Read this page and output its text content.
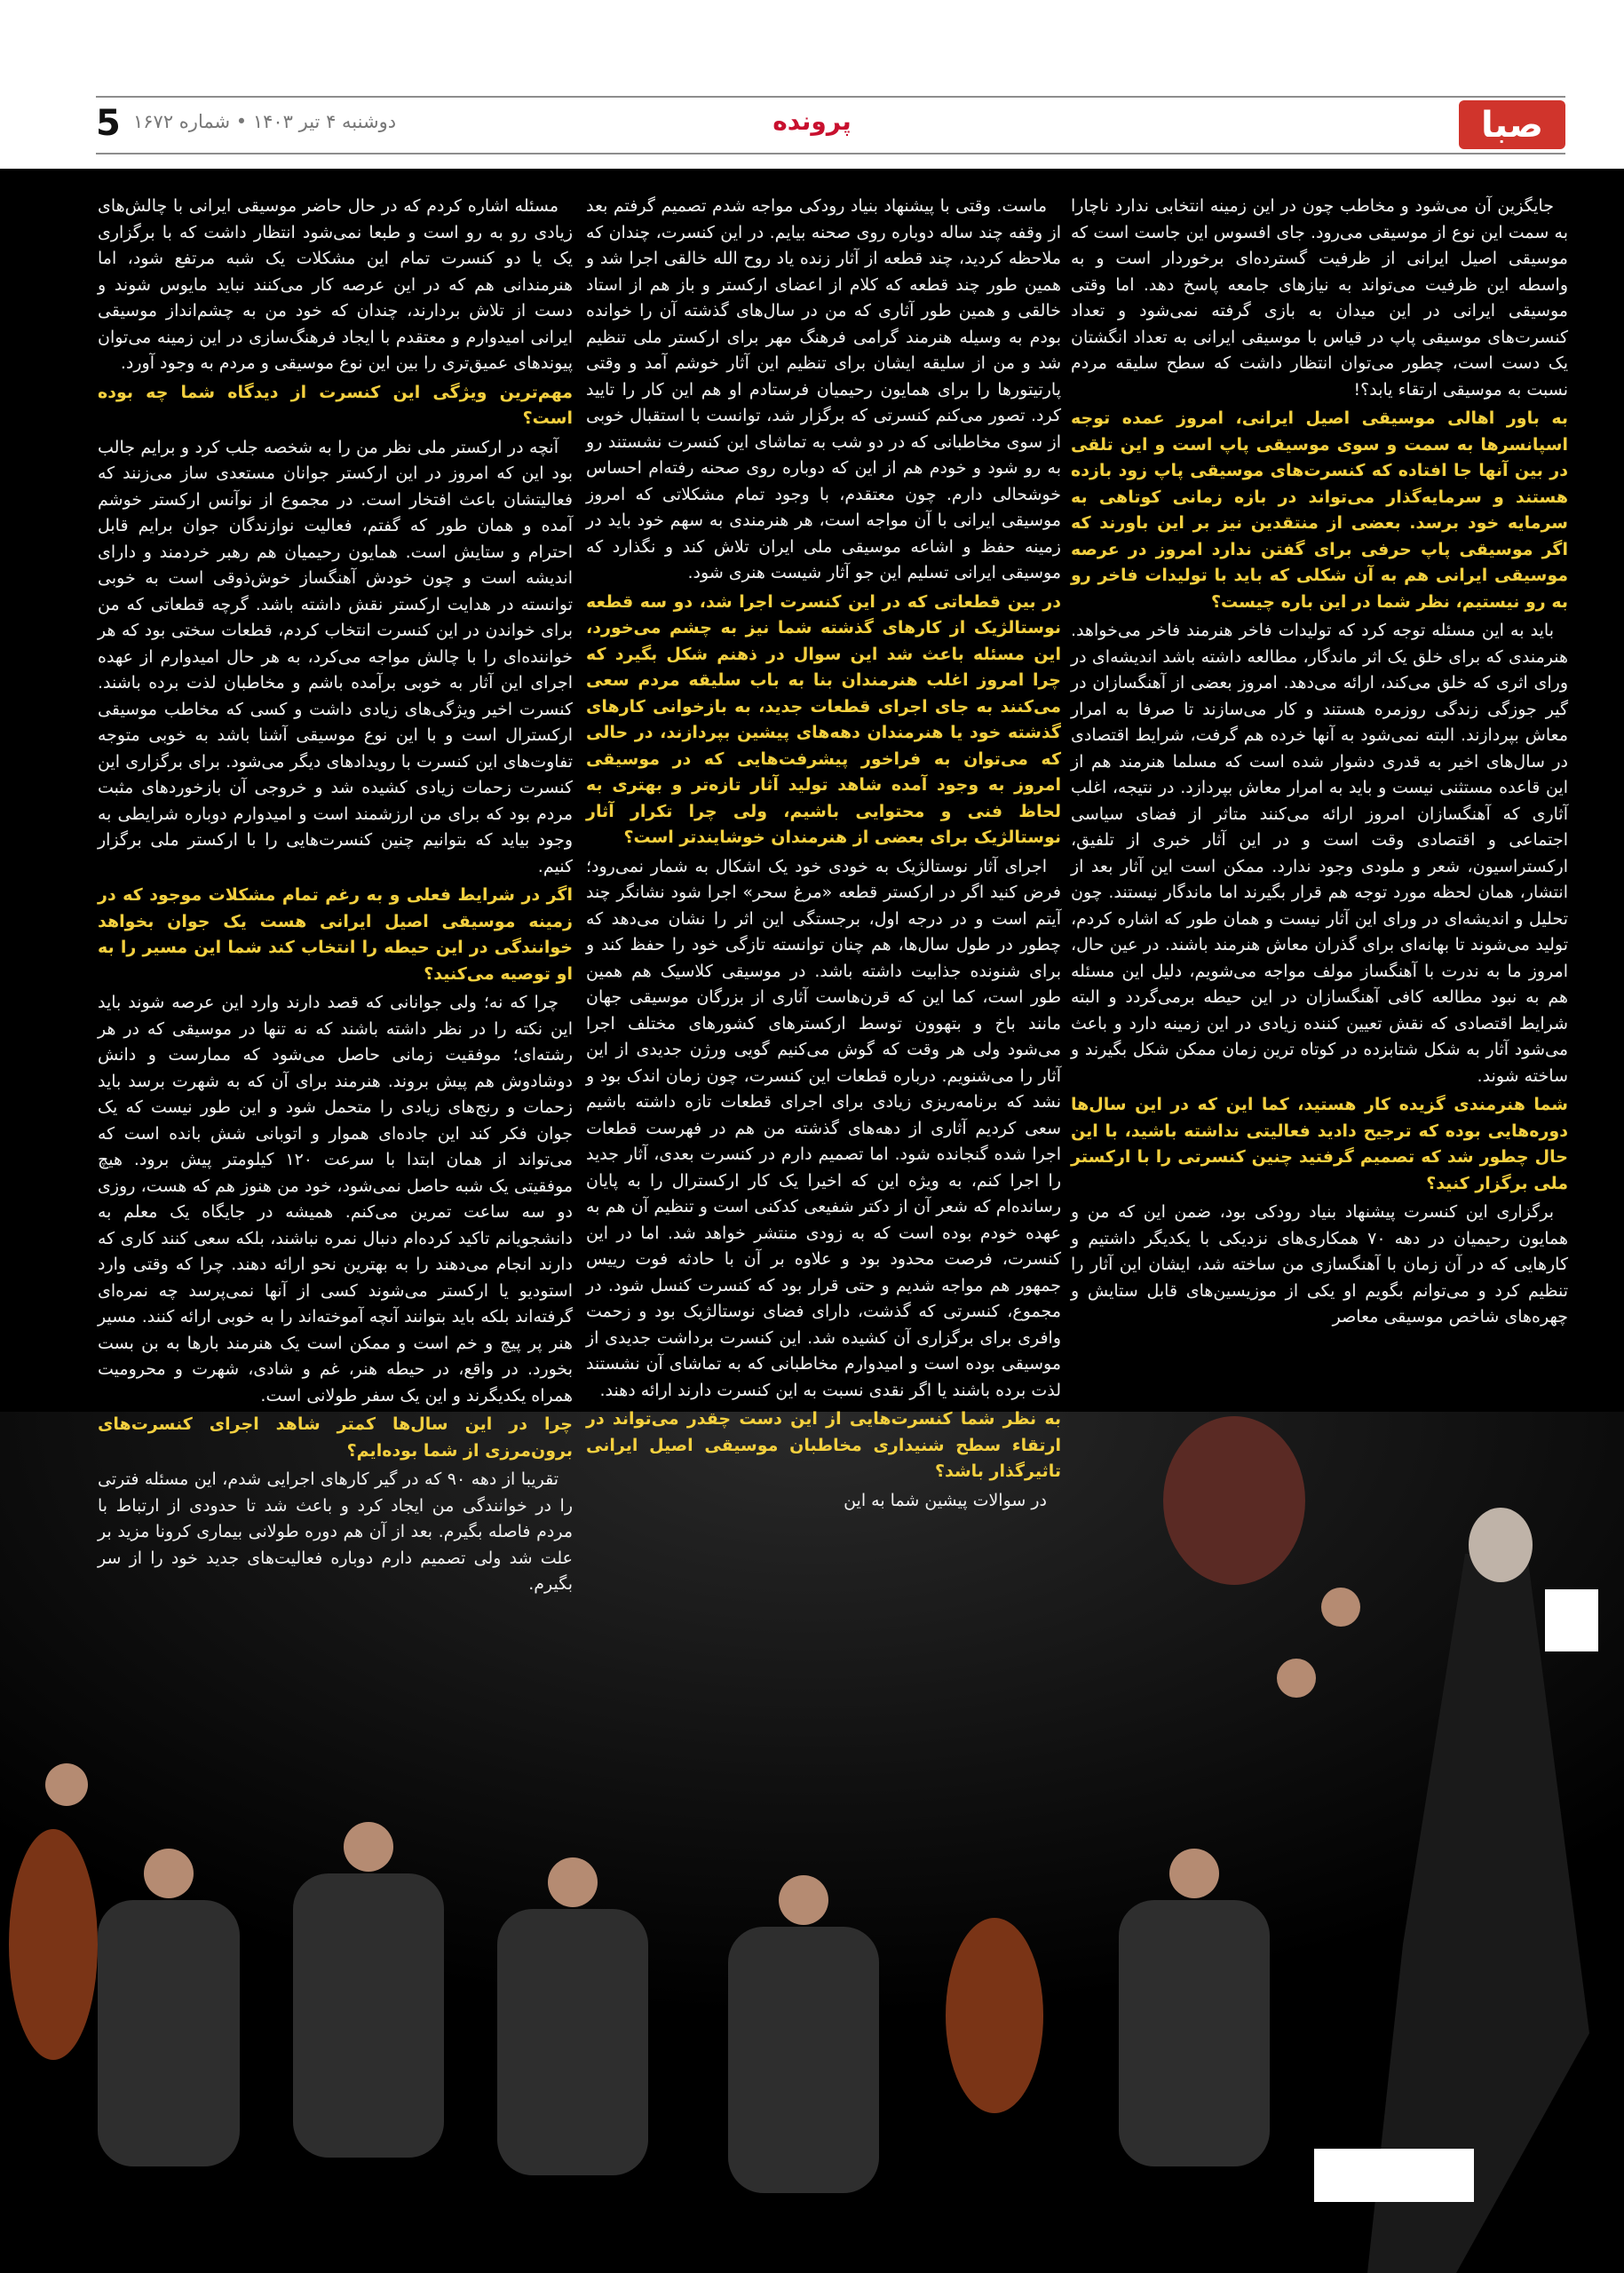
صبا
پرونده
دوشنبه ۴ تیر ۱۴۰۳ • شماره ۱۶۷۲
5

جایگزین آن می‌شود و مخاطب چون در این زمینه انتخابی ندارد ناچارا به سمت این نوع از موسیقی می‌رود. جای افسوس این جاست است که موسیقی اصیل ایرانی از ظرفیت گسترده‌ای برخوردار است و به واسطه این ظرفیت می‌تواند به نیازهای جامعه پاسخ دهد. اما وقتی موسیقی ایرانی در این میدان به بازی گرفته نمی‌شود و تعداد کنسرت‌های موسیقی پاپ در قیاس با موسیقی ایرانی به تعداد انگشتان یک دست است، چطور می‌توان انتظار داشت که سطح سلیقه مردم نسبت به موسیقی ارتقاء یابد؟!

به باور اهالی موسیقی اصیل ایرانی، امروز عمده توجه اسپانسرها به سمت و سوی موسیقی پاپ است و این تلقی در بین آنها جا افتاده که کنسرت‌های موسیقی پاپ زود بازده هستند و سرمایه‌گذار می‌تواند در بازه زمانی کوتاهی به سرمایه خود برسد. بعضی از منتقدین نیز بر این باورند که اگر موسیقی پاپ حرفی برای گفتن ندارد امروز در عرصه موسیقی ایرانی هم به آن شکلی که باید با تولیدات فاخر رو به رو نیستیم، نظر شما در این باره چیست؟

باید به این مسئله توجه کرد که تولیدات فاخر هنرمند فاخر می‌خواهد. هنرمندی که برای خلق یک اثر ماندگار، مطالعه داشته باشد اندیشه‌ای در ورای اثری که خلق می‌کند، ارائه می‌دهد. امروز بعضی از آهنگسازان در گیر جوزگی زندگی روزمره هستند و کار می‌سازند تا صرفا به امرار معاش بپردازند. البته نمی‌شود به آنها خرده هم گرفت، شرایط اقتصادی در سال‌های اخیر به قدری دشوار شده است که مسلما هنرمند هم از این قاعده مستثنی نیست و باید به امرار معاش بپردازد. در نتیجه، اغلب آثاری که آهنگسازان امروز ارائه می‌کنند متاثر از فضای سیاسی اجتماعی و اقتصادی وقت است و در این آثار خبری از تلفیق، ارکستراسیون، شعر و ملودی وجود ندارد. ممکن است این آثار بعد از انتشار، همان لحظه مورد توجه هم قرار بگیرند اما ماندگار نیستند. چون تحلیل و اندیشه‌ای در ورای این آثار نیست و همان طور که اشاره کردم، تولید می‌شوند تا بهانه‌ای برای گذران معاش هنرمند باشند. در عین حال، امروز ما به ندرت با آهنگساز مولف مواجه می‌شویم، دلیل این مسئله هم به نبود مطالعه کافی آهنگسازان در این حیطه برمی‌گردد و البته شرایط اقتصادی که نقش تعیین کننده زیادی در این زمینه دارد و باعث می‌شود آثار به شکل شتابزده در کوتاه ترین زمان ممکن شکل بگیرند و ساخته شوند.

شما هنرمندی گزیده کار هستید، کما این که در این سال‌ها دوره‌هایی بوده که ترجیح دادید فعالیتی نداشته باشید، با این حال چطور شد که تصمیم گرفتید چنین کنسرتی را با ارکستر ملی برگزار کنید؟

برگزاری این کنسرت پیشنهاد بنیاد رودکی بود، ضمن این که من و همایون رحیمیان در دهه ۷۰ همکاری‌های نزدیکی با یکدیگر داشتیم و کارهایی که در آن زمان با آهنگسازی من ساخته شد، ایشان این آثار را تنظیم کرد و می‌توانم بگویم او یکی از موزیسین‌های قابل ستایش و چهره‌های شاخص موسیقی معاصر

ماست. وقتی با پیشنهاد بنیاد رودکی مواجه شدم تصمیم گرفتم بعد از وقفه چند ساله دوباره روی صحنه بیایم. در این کنسرت، چندان که ملاحظه کردید، چند قطعه از آثار زنده یاد روح الله خالقی اجرا شد و همین طور چند قطعه که کلام از اعضای ارکستر و باز هم از استاد خالقی و همین طور آثاری که من در سال‌های گذشته آن را خوانده بودم به وسیله هنرمند گرامی فرهنگ مهر برای ارکستر ملی تنظیم شد و من از سلیقه ایشان برای تنظیم این آثار خوشم آمد و وقتی پارتیتورها را برای همایون رحیمیان فرستادم او هم این کار را تایید کرد. تصور می‌کنم کنسرتی که برگزار شد، توانست با استقبال خوبی از سوی مخاطبانی که در دو شب به تماشای این کنسرت نشستند رو به رو شود و خودم هم از این که دوباره روی صحنه رفته‌ام احساس خوشحالی دارم. چون معتقدم، با وجود تمام مشکلاتی که امروز موسیقی ایرانی با آن مواجه است، هر هنرمندی به سهم خود باید در زمینه حفظ و اشاعه موسیقی ملی ایران تلاش کند و نگذارد که موسیقی ایرانی تسلیم این جو آثار شیست هنری شود.

در بین قطعاتی که در این کنسرت اجرا شد، دو سه قطعه نوستالژیک از کارهای گذشته شما نیز به چشم می‌خورد، این مسئله باعث شد این سوال در ذهنم شکل بگیرد که چرا امروز اغلب هنرمندان بنا به باب سلیقه مردم سعی می‌کنند به جای اجرای قطعات جدید، به بازخوانی کارهای گذشته خود یا هنرمندان دهه‌های پیشین بپردازند، در حالی که می‌توان به فراخور پیشرفت‌هایی که در موسیقی امروز به وجود آمده شاهد تولید آثار تازه‌تر و بهتری به لحاظ فنی و محتوایی باشیم، ولی چرا تکرار آثار نوستالژیک برای بعضی از هنرمندان خوشایندتر است؟

اجرای آثار نوستالژیک به خودی خود یک اشکال به شمار نمی‌رود؛ فرض کنید اگر در ارکستر قطعه «مرغ سحر» اجرا شود نشانگر چند آیتم است و در درجه اول، برجستگی این اثر را نشان می‌دهد که چطور در طول سال‌ها، هم چنان توانسته تازگی خود را حفظ کند و برای شنونده جذابیت داشته باشد. در موسیقی کلاسیک هم همین طور است، کما این که قرن‌هاست آثاری از بزرگان موسیقی جهان مانند باخ و بتهوون توسط ارکسترهای کشورهای مختلف اجرا می‌شود ولی هر وقت که گوش می‌کنیم گویی ورژن جدیدی از این آثار را می‌شنویم. درباره قطعات این کنسرت، چون زمان اندک بود و نشد که برنامه‌ریزی زیادی برای اجرای قطعات تازه داشته باشیم سعی کردیم آثاری از دهه‌های گذشته من هم در فهرست قطعات اجرا شده گنجانده شود. اما تصمیم دارم در کنسرت بعدی، آثار جدید را اجرا کنم، به ویژه این که اخیرا یک کار ارکسترال را به پایان رسانده‌ام که شعر آن از دکتر شفیعی کدکنی است و تنظیم آن هم به عهده خودم بوده است که به زودی منتشر خواهد شد. اما در این کنسرت، فرصت محدود بود و علاوه بر آن با حادثه فوت رییس جمهور هم مواجه شدیم و حتی قرار بود که کنسرت کنسل شود. در مجموع، کنسرتی که گذشت، دارای فضای نوستالژیک بود و زحمت وافری برای برگزاری آن کشیده شد. این کنسرت برداشت جدیدی از موسیقی بوده است و امیدوارم مخاطبانی که به تماشای آن نشستند لذت برده باشند یا اگر نقدی نسبت به این کنسرت دارند ارائه دهند.

به نظر شما کنسرت‌هایی از این دست چقدر می‌تواند در ارتقاء سطح شنیداری مخاطبان موسیقی اصیل ایرانی تاثیرگذار باشد؟

در سوالات پیشین شما به این

مسئله اشاره کردم که در حال حاضر موسیقی ایرانی با چالش‌های زیادی رو به رو است و طبعا نمی‌شود انتظار داشت که با برگزاری یک یا دو کنسرت تمام این مشکلات یک شبه مرتفع شود، اما هنرمندانی هم که در این عرصه کار می‌کنند نباید مایوس شوند و دست از تلاش بردارند، چندان که خود من به چشم‌انداز موسیقی ایرانی امیدوارم و معتقدم با ایجاد فرهنگ‌سازی در این زمینه می‌توان پیوندهای عمیق‌تری را بین این نوع موسیقی و مردم به وجود آورد.

مهم‌ترین ویژگی این کنسرت از دیدگاه شما چه بوده است؟

آنچه در ارکستر ملی نظر من را به شخصه جلب کرد و برایم جالب بود این که امروز در این ارکستر جوانان مستعدی ساز می‌زنند که فعالیتشان باعث افتخار است. در مجموع از نوآنس ارکستر خوشم آمده و همان طور که گفتم، فعالیت نوازندگان جوان برایم قابل احترام و ستایش است. همایون رحیمیان هم رهبر خردمند و دارای اندیشه است و چون خودش آهنگساز خوش‌ذوقی است به خوبی توانسته در هدایت ارکستر نقش داشته باشد. گرچه قطعاتی که من برای خواندن در این کنسرت انتخاب کردم، قطعات سختی بود که هر خواننده‌ای را با چالش مواجه می‌کرد، به هر حال امیدوارم از عهده اجرای این آثار به خوبی برآمده باشم و مخاطبان لذت برده باشند. کنسرت اخیر ویژگی‌های زیادی داشت و کسی که مخاطب موسیقی ارکسترال است و با این نوع موسیقی آشنا باشد به خوبی متوجه تفاوت‌های این کنسرت با رویدادهای دیگر می‌شود. برای برگزاری این کنسرت زحمات زیادی کشیده شد و خروجی آن بازخوردهای مثبت مردم بود که برای من ارزشمند است و امیدوارم دوباره شرایطی به وجود بیاید که بتوانیم چنین کنسرت‌هایی را با ارکستر ملی برگزار کنیم.

اگر در شرایط فعلی و به رغم تمام مشکلات موجود که در زمینه موسیقی اصیل ایرانی هست یک جوان بخواهد خوانندگی در این حیطه را انتخاب کند شما این مسیر را به او توصیه می‌کنید؟

چرا که نه؛ ولی جوانانی که قصد دارند وارد این عرصه شوند باید این نکته را در نظر داشته باشند که نه تنها در موسیقی که در هر رشته‌ای؛ موفقیت زمانی حاصل می‌شود که ممارست و دانش دوشادوش هم پیش بروند. هنرمند برای آن که به شهرت برسد باید زحمات و رنج‌های زیادی را متحمل شود و این طور نیست که یک جوان فکر کند این جاده‌ای هموار و اتوبانی شش بانده است که می‌تواند از همان ابتدا با سرعت ۱۲۰ کیلومتر پیش برود. هیچ موفقیتی یک شبه حاصل نمی‌شود، خود من هنوز هم که هست، روزی دو سه ساعت تمرین می‌کنم. همیشه در جایگاه یک معلم به دانشجویانم تاکید کرده‌ام دنبال نمره نباشند، بلکه سعی کنند کاری که دارند انجام می‌دهند را به بهترین نحو ارائه دهند. چرا که وقتی وارد استودیو یا ارکستر می‌شوند کسی از آنها نمی‌پرسد چه نمره‌ای گرفته‌اند بلکه باید بتوانند آنچه آموخته‌اند را به خوبی ارائه کنند. مسیر هنر پر پیچ و خم است و ممکن است یک هنرمند بارها به بن بست بخورد. در واقع، در حیطه هنر، غم و شادی، شهرت و محرومیت همراه یکدیگرند و این یک سفر طولانی است.

چرا در این سال‌ها کمتر شاهد اجرای کنسرت‌های برون‌مرزی از شما بوده‌ایم؟

تقریبا از دهه ۹۰ که در گیر کارهای اجرایی شدم، این مسئله فترتی را در خوانندگی من ایجاد کرد و باعث شد تا حدودی از ارتباط با مردم فاصله بگیرم. بعد از آن هم دوره طولانی بیماری کرونا مزید بر علت شد ولی تصمیم دارم دوباره فعالیت‌های جدید خود را از سر بگیرم.
